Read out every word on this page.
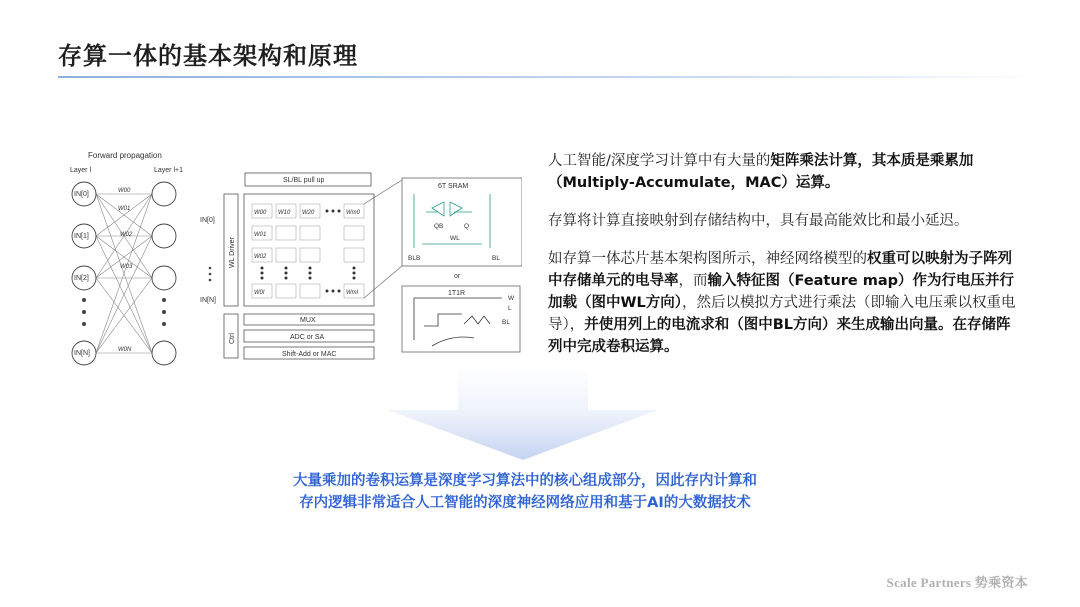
存算一体的基本架构和原理
Forward propagation
Layer l	Layer l+1
IN[0]
IN[1]
IN[2]
IN[N]
W00
W01
W02
W03
W0N
SL/BL pull up
WL Driver
IN[0]
IN[N]
W00 W10 W20	Wm0
W01
W02
W0l	Wml
Ctrl
MUX
ADC or SA
Shift-Add or MAC
6T SRAM
QB	Q
WL
BLB	BL
or
1T1R
W
L
BL

人工智能/深度学习计算中有大量的矩阵乘法计算，其本质是乘累加（Multiply-Accumulate，MAC）运算。

存算将计算直接映射到存储结构中，具有最高能效比和最小延迟。

如存算一体芯片基本架构图所示，神经网络模型的权重可以映射为子阵列中存储单元的电导率，而输入特征图（Feature map）作为行电压并行加载（图中WL方向），然后以模拟方式进行乘法（即输入电压乘以权重电导），并使用列上的电流求和（图中BL方向）来生成输出向量。在存储阵列中完成卷积运算。

大量乘加的卷积运算是深度学习算法中的核心组成部分，因此存内计算和存内逻辑非常适合人工智能的深度神经网络应用和基于AI的大数据技术
Scale Partners 势乘资本
